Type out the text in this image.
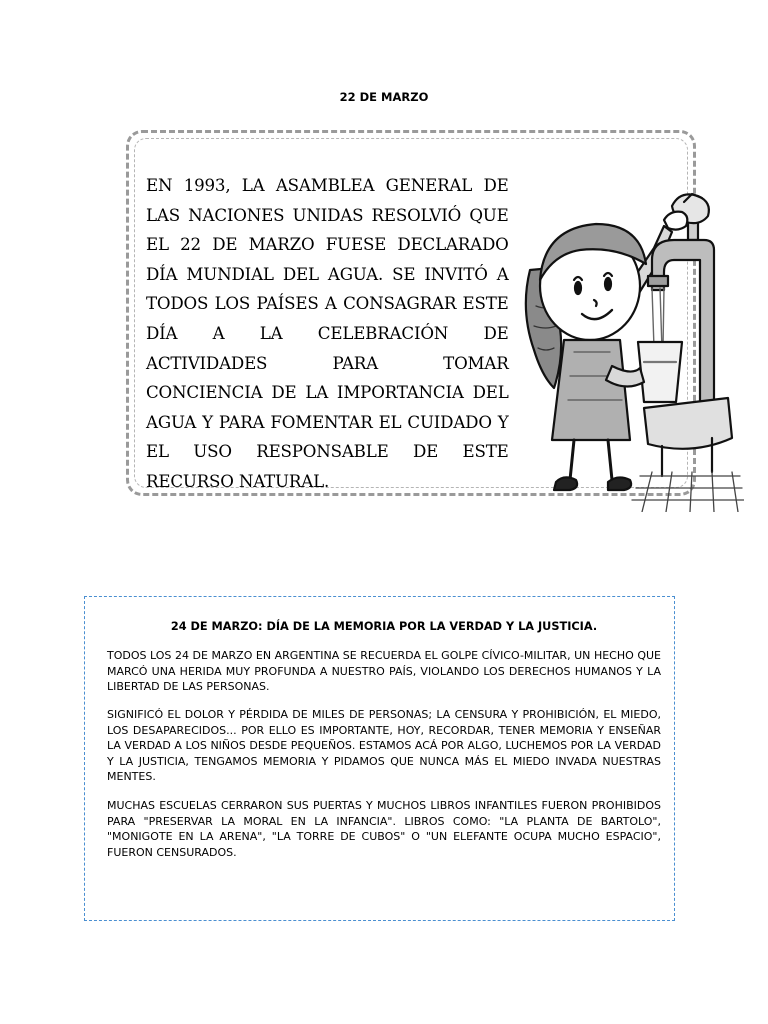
22 DE MARZO
EN 1993, LA ASAMBLEA GENERAL DE LAS NACIONES UNIDAS RESOLVIÓ QUE EL 22 DE MARZO FUESE DECLARADO DÍA MUNDIAL DEL AGUA. SE INVITÓ A TODOS LOS PAÍSES A CONSAGRAR ESTE DÍA A LA CELEBRACIÓN DE ACTIVIDADES PARA TOMAR CONCIENCIA DE LA IMPORTANCIA DEL AGUA Y PARA FOMENTAR EL CUIDADO Y EL USO RESPONSABLE DE ESTE RECURSO NATURAL.
24 DE MARZO: DÍA DE LA MEMORIA POR LA VERDAD Y LA JUSTICIA.

TODOS LOS 24 DE MARZO EN ARGENTINA SE RECUERDA EL GOLPE CÍVICO-MILITAR, UN HECHO QUE MARCÓ UNA HERIDA MUY PROFUNDA A NUESTRO PAÍS, VIOLANDO LOS DERECHOS HUMANOS Y LA LIBERTAD DE LAS PERSONAS.

SIGNIFICÓ EL DOLOR Y PÉRDIDA DE MILES DE PERSONAS; LA CENSURA Y PROHIBICIÓN, EL MIEDO, LOS DESAPARECIDOS... POR ELLO ES IMPORTANTE, HOY, RECORDAR, TENER MEMORIA Y ENSEÑAR LA VERDAD A LOS NIÑOS DESDE PEQUEÑOS. ESTAMOS ACÁ POR ALGO, LUCHEMOS POR LA VERDAD Y LA JUSTICIA, TENGAMOS MEMORIA Y PIDAMOS QUE NUNCA MÁS EL MIEDO INVADA NUESTRAS MENTES.

MUCHAS ESCUELAS CERRARON SUS PUERTAS Y MUCHOS LIBROS INFANTILES FUERON PROHIBIDOS PARA "PRESERVAR LA MORAL EN LA INFANCIA". LIBROS COMO: "LA PLANTA DE BARTOLO", "MONIGOTE EN LA ARENA", "LA TORRE DE CUBOS" O "UN ELEFANTE OCUPA MUCHO ESPACIO", FUERON CENSURADOS.
